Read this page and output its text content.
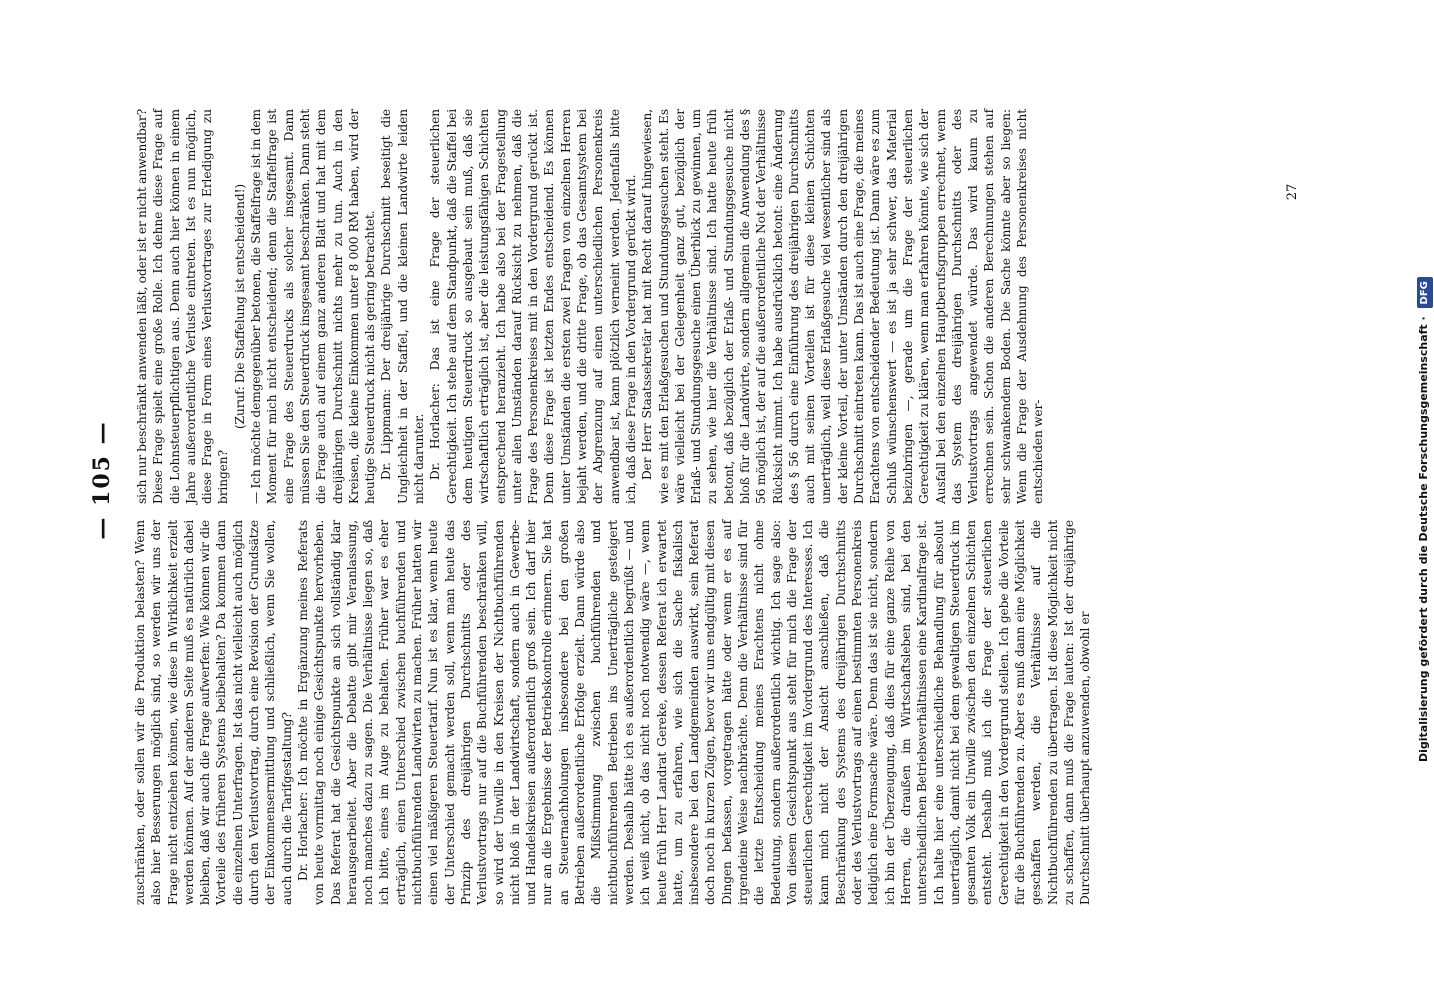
— 105 —

zuschränken, oder sollen wir die Produktion belasten? Wenn also hier Besserungen möglich sind, so werden wir uns der Frage nicht entziehen können, wie diese in Wirklichkeit erzielt werden können. Auf der anderen Seite muß es natürlich dabei bleiben, daß wir auch die Frage aufwerfen: Wie können wir die Vorteile des früheren Systems beibehalten? Da kommen dann die einzelnen Unterfragen. Ist das nicht vielleicht auch möglich durch den Verlustvortrag, durch eine Revision der Grundsätze der Einkommensermittlung und schließlich, wenn Sie wollen, auch durch die Tarifgestaltung? Dr. Horlacher: Ich möchte in Ergänzung meines Referats von heute vormittag noch einige Gesichtspunkte hervorheben. Das Referat hat die Gesichtspunkte an sich vollständig klar herausgearbeitet. Aber die Debatte gibt mir Veranlassung, noch manches dazu zu sagen. Die Verhältnisse liegen so, daß ich bitte, eines im Auge zu behalten. Früher war es eher erträglich, einen Unterschied zwischen buchführenden und nichtbuchführenden Landwirten zu machen. Früher hatten wir einen viel mäßigeren Steuertarif. Nun ist es klar, wenn heute der Unterschied gemacht werden soll, wenn man heute das Prinzip des dreijährigen Durchschnitts oder des Verlustvortrags nur auf die Buchführenden beschränken will, so wird der Unwille in den Kreisen der Nichtbuchführenden nicht bloß in der Landwirtschaft, sondern auch in Gewerbe- und Handelskreisen außerordentlich groß sein. Ich darf hier nur an die Ergebnisse der Betriebskontrolle erinnern. Sie hat an Steuernachholungen insbesondere bei den großen Betrieben außerordentliche Erfolge erzielt. Dann würde also die Mißstimmung zwischen buchführenden und nichtbuchführenden Betrieben ins Unerträgliche gesteigert werden. Deshalb hätte ich es außerordentlich begrüßt — und ich weiß nicht, ob das nicht noch notwendig wäre —, wenn heute früh Herr Landrat Gereke, dessen Referat ich erwartet hatte, um zu erfahren, wie sich die Sache fiskalisch insbesondere bei den Landgemeinden auswirkt, sein Referat doch noch in kurzen Zügen, bevor wir uns endgültig mit diesen Dingen befassen, vorgetragen hätte oder wenn er es auf irgendeine Weise nachbrächte. Denn die Verhältnisse sind für die letzte Entscheidung meines Erachtens nicht ohne Bedeutung, sondern außerordentlich wichtig. Ich sage also: Von diesem Gesichtspunkt aus steht für mich die Frage der steuerlichen Gerechtigkeit im Vordergrund des Interesses. Ich kann mich nicht der Ansicht anschließen, daß die Beschränkung des Systems des dreijährigen Durchschnitts oder des Verlustvortrags auf einen bestimmten Personenkreis lediglich eine Formsache wäre. Denn das ist sie nicht, sondern ich bin der Überzeugung, daß dies für eine ganze Reihe von Herren, die draußen im Wirtschaftsleben sind, bei den unterschiedlichen Betriebsverhältnissen eine Kardinalfrage ist. Ich halte hier eine unterschiedliche Behandlung für absolut unerträglich, damit nicht bei dem gewaltigen Steuerdruck im gesamten Volk ein Unwille zwischen den einzelnen Schichten entsteht. Deshalb muß ich die Frage der steuerlichen Gerechtigkeit in den Vordergrund stellen. Ich gebe die Vorteile für die Buchführenden zu. Aber es muß dann eine Möglichkeit geschaffen werden, die Verhältnisse auf die Nichtbuchführenden zu übertragen. Ist diese Möglichkeit nicht zu schaffen, dann muß die Frage lauten: Ist der dreijährige Durchschnitt überhaupt anzuwenden, obwohl er

sich nur beschränkt anwenden läßt, oder ist er nicht anwendbar? Diese Frage spielt eine große Rolle. Ich dehne diese Frage auf die Lohnsteuerpflichtigen aus. Denn auch hier können in einem Jahre außerordentliche Verluste eintreten. Ist es nun möglich, diese Frage in Form eines Verlustvortrages zur Erledigung zu bringen?

(Zuruf: Die Staffelung ist entscheidend!) — Ich möchte demgegenüber betonen, die Staffelfrage ist in dem Moment für mich nicht entscheidend; denn die Staffelfrage ist eine Frage des Steuerdrucks als solcher insgesamt. Dann müssen Sie den Steuerdruck insgesamt beschränken. Dann steht die Frage auch auf einem ganz anderen Blatt und hat mit dem dreijährigen Durchschnitt nichts mehr zu tun. Auch in den Kreisen, die kleine Einkommen unter 8 000 RM haben, wird der heutige Steuerdruck nicht als gering betrachtet. Dr. Lippmann: Der dreijährige Durchschnitt beseitigt die Ungleichheit in der Staffel, und die kleinen Landwirte leiden nicht darunter. Dr. Horlacher: Das ist eine Frage der steuerlichen Gerechtigkeit. Ich stehe auf dem Standpunkt, daß die Staffel bei dem heutigen Steuerdruck so ausgebaut sein muß, daß sie wirtschaftlich erträglich ist, aber die leistungsfähigen Schichten entsprechend heranzieht. Ich habe also bei der Fragestellung unter allen Umständen darauf Rücksicht zu nehmen, daß die Frage des Personenkreises mit in den Vordergrund gerückt ist. Denn diese Frage ist letzten Endes entscheidend. Es können unter Umständen die ersten zwei Fragen von einzelnen Herren bejaht werden, und die dritte Frage, ob das Gesamtsystem bei der Abgrenzung auf einen unterschiedlichen Personenkreis anwendbar ist, kann plötzlich verneint werden. Jedenfalls bitte ich, daß diese Frage in den Vordergrund gerückt wird. Der Herr Staatssekretär hat mit Recht darauf hingewiesen, wie es mit den Erlaßgesuchen und Stundungsgesuchen steht. Es wäre vielleicht bei der Gelegenheit ganz gut, bezüglich der Erlaß- und Stundungsgesuche einen Überblick zu gewinnen, um zu sehen, wie hier die Verhältnisse sind. Ich hatte heute früh betont, daß bezüglich der Erlaß- und Stundungsgesuche nicht bloß für die Landwirte, sondern allgemein die Anwendung des § 56 möglich ist, der auf die außerordentliche Not der Verhältnisse Rücksicht nimmt. Ich habe ausdrücklich betont: eine Änderung des § 56 durch eine Einführung des dreijährigen Durchschnitts auch mit seinen Vorteilen ist für diese kleinen Schichten unerträglich, weil diese Erlaßgesuche viel wesentlicher sind als der kleine Vorteil, der unter Umständen durch den dreijährigen Durchschnitt eintreten kann. Das ist auch eine Frage, die meines Erachtens von entscheidender Bedeutung ist. Dann wäre es zum Schluß wünschenswert — es ist ja sehr schwer, das Material beizubringen —, gerade um die Frage der steuerlichen Gerechtigkeit zu klären, wenn man erfahren könnte, wie sich der Ausfall bei den einzelnen Hauptberufsgruppen errechnet, wenn das System des dreijährigen Durchschnitts oder des Verlustvortrags angewendet würde. Das wird kaum zu errechnen sein. Schon die anderen Berechnungen stehen auf sehr schwankendem Boden. Die Sache könnte aber so liegen: Wenn die Frage der Ausdehnung des Personenkreises nicht entschieden wer-

27
Digitalisierung gefördert durch die Deutsche Forschungsgemeinschaft · DFG
